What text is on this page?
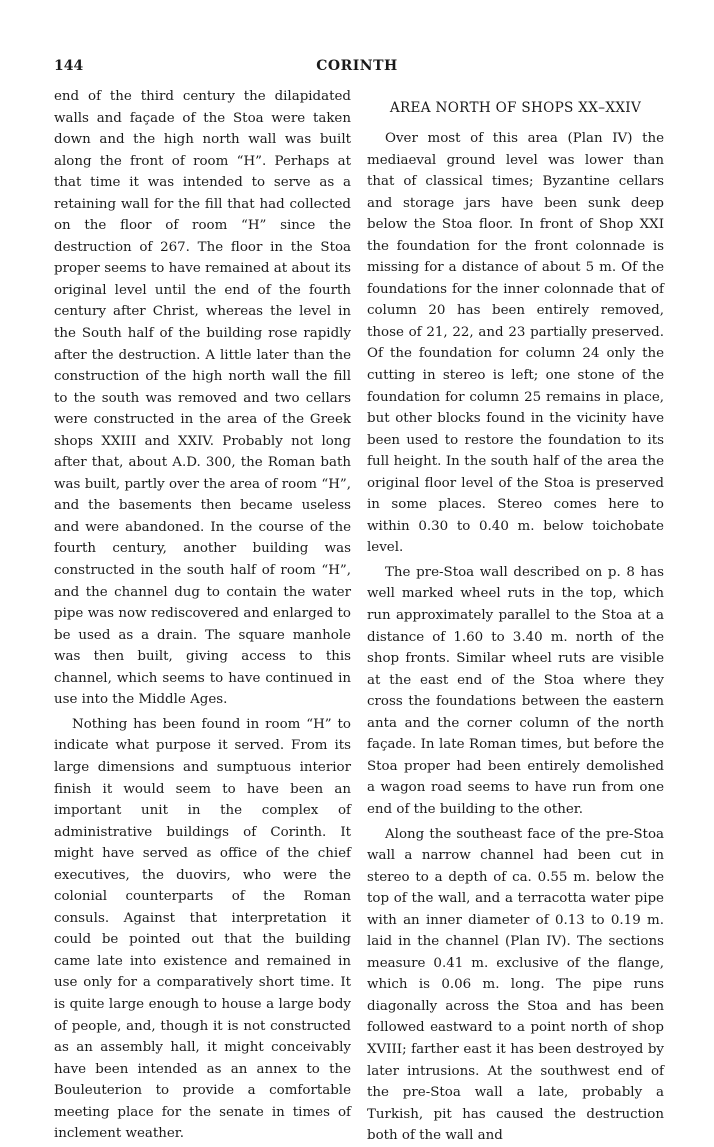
144	CORINTH

end of the third century the dilapidated walls and façade of the Stoa were taken down and the high north wall was built along the front of room “H”. Perhaps at that time it was intended to serve as a retaining wall for the fill that had collected on the floor of room “H” since the destruction of 267. The floor in the Stoa proper seems to have remained at about its original level until the end of the fourth century after Christ, whereas the level in the South half of the building rose rapidly after the destruction. A little later than the construction of the high north wall the fill to the south was removed and two cellars were constructed in the area of the Greek shops XXIII and XXIV. Probably not long after that, about A.D. 300, the Roman bath was built, partly over the area of room “H”, and the basements then became useless and were abandoned. In the course of the fourth century, another building was constructed in the south half of room “H”, and the channel dug to contain the water pipe was now rediscovered and enlarged to be used as a drain. The square manhole was then built, giving access to this channel, which seems to have continued in use into the Middle Ages.

Nothing has been found in room “H” to indicate what purpose it served. From its large dimensions and sumptuous interior finish it would seem to have been an important unit in the complex of administrative buildings of Corinth. It might have served as office of the chief executives, the duovirs, who were the colonial counterparts of the Roman consuls. Against that interpretation it could be pointed out that the building came late into existence and remained in use only for a comparatively short time. It is quite large enough to house a large body of people, and, though it is not constructed as an assembly hall, it might conceivably have been intended as an annex to the Bouleuterion to provide a comfortable meeting place for the senate in times of inclement weather.

AREA NORTH OF SHOPS XX–XXIV

Over most of this area (Plan IV) the mediaeval ground level was lower than that of classical times; Byzantine cellars and storage jars have been sunk deep below the Stoa floor. In front of Shop XXI the foundation for the front colonnade is missing for a distance of about 5 m. Of the foundations for the inner colonnade that of column 20 has been entirely removed, those of 21, 22, and 23 partially preserved. Of the foundation for column 24 only the cutting in stereo is left; one stone of the foundation for column 25 remains in place, but other blocks found in the vicinity have been used to restore the foundation to its full height. In the south half of the area the original floor level of the Stoa is preserved in some places. Stereo comes here to within 0.30 to 0.40 m. below toichobate level.

The pre-Stoa wall described on p. 8 has well marked wheel ruts in the top, which run approximately parallel to the Stoa at a distance of 1.60 to 3.40 m. north of the shop fronts. Similar wheel ruts are visible at the east end of the Stoa where they cross the foundations between the eastern anta and the corner column of the north façade. In late Roman times, but before the Stoa proper had been entirely demolished a wagon road seems to have run from one end of the building to the other.

Along the southeast face of the pre-Stoa wall a narrow channel had been cut in stereo to a depth of ca. 0.55 m. below the top of the wall, and a terracotta water pipe with an inner diameter of 0.13 to 0.19 m. laid in the channel (Plan IV). The sections measure 0.41 m. exclusive of the flange, which is 0.06 m. long. The pipe runs diagonally across the Stoa and has been followed eastward to a point north of shop XVIII; farther east it has been destroyed by later intrusions. At the southwest end of the pre-Stoa wall a late, probably a Turkish, pit has caused the destruction both of the wall and
